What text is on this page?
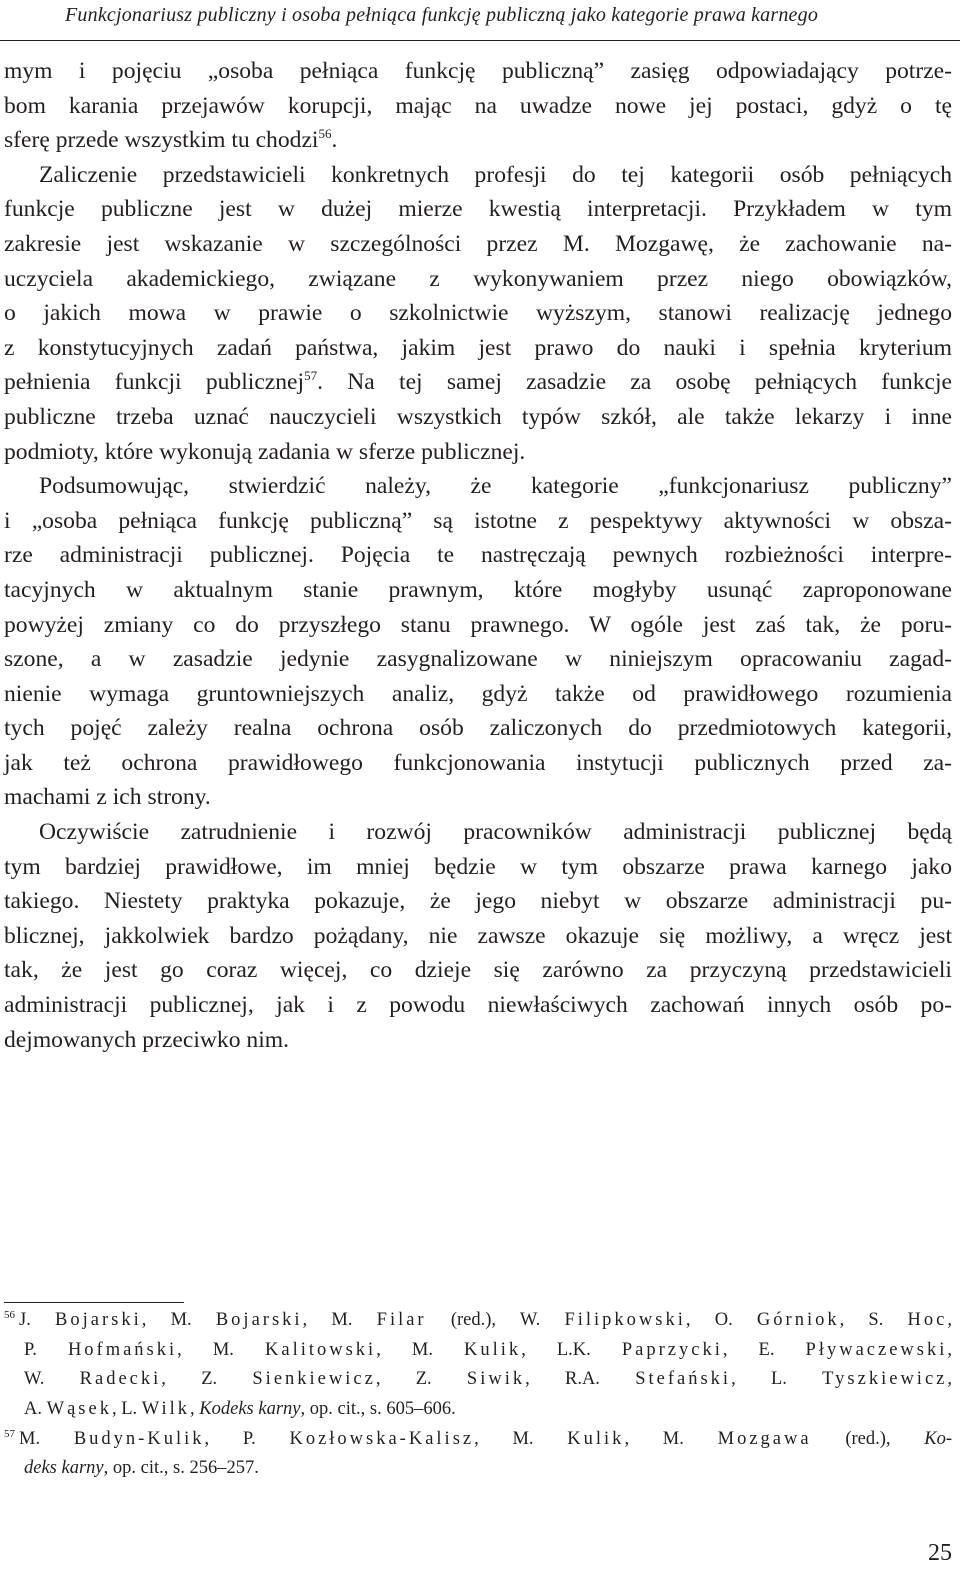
Funkcjonariusz publiczny i osoba pełniąca funkcję publiczną jako kategorie prawa karnego
mym i pojęciu „osoba pełniąca funkcję publiczną” zasięg odpowiadający potrze-
bom karania przejawów korupcji, mając na uwadze nowe jej postaci, gdyż o tę
sferę przede wszystkim tu chodzi$^{56}$.
Zaliczenie przedstawicieli konkretnych profesji do tej kategorii osób pełniących
funkcje publiczne jest w dużej mierze kwestią interpretacji. Przykładem w tym
zakresie jest wskazanie w szczególności przez M. Mozgawę, że zachowanie na-
uczyciela akademickiego, związane z wykonywaniem przez niego obowiązków,
o jakich mowa w prawie o szkolnictwie wyższym, stanowi realizację jednego
z konstytucyjnych zadań państwa, jakim jest prawo do nauki i spełnia kryterium
pełnienia funkcji publicznej$^{57}$. Na tej samej zasadzie za osobę pełniących funkcje
publiczne trzeba uznać nauczycieli wszystkich typów szkół, ale także lekarzy i inne
podmioty, które wykonują zadania w sferze publicznej.
Podsumowując, stwierdzić należy, że kategorie „funkcjonariusz publiczny”
i „osoba pełniąca funkcję publiczną” są istotne z pespektywy aktywności w obsza-
rze administracji publicznej. Pojęcia te nastręczają pewnych rozbieżności interpre-
tacyjnych w aktualnym stanie prawnym, które mogłyby usunąć zaproponowane
powyżej zmiany co do przyszłego stanu prawnego. W ogóle jest zaś tak, że poru-
szone, a w zasadzie jedynie zasygnalizowane w niniejszym opracowaniu zagad-
nienie wymaga gruntowniejszych analiz, gdyż także od prawidłowego rozumienia
tych pojęć zależy realna ochrona osób zaliczonych do przedmiotowych kategorii,
jak też ochrona prawidłowego funkcjonowania instytucji publicznych przed za-
machami z ich strony.
Oczywiście zatrudnienie i rozwój pracowników administracji publicznej będą
tym bardziej prawidłowe, im mniej będzie w tym obszarze prawa karnego jako
takiego. Niestety praktyka pokazuje, że jego niebyt w obszarze administracji pu-
blicznej, jakkolwiek bardzo pożądany, nie zawsze okazuje się możliwy, a wręcz jest
tak, że jest go coraz więcej, co dzieje się zarówno za przyczyną przedstawicieli
administracji publicznej, jak i z powodu niewłaściwych zachowań innych osób po-
dejmowanych przeciwko nim.
$^{56}$ J. Bojarski, M. Bojarski, M. Filar (red.), W. Filipkowski, O. Górniok, S. Hoc,
P. Hofmański, M. Kalitowski, M. Kulik, L.K. Paprzycki, E. Pływaczewski,
W. Radecki, Z. Sienkiewicz, Z. Siwik, R.A. Stefański, L. Tyszkiewicz,
A. Wąsek, L. Wilk, Kodeks karny, op. cit., s. 605–606.
$^{57}$ M. Budyn-Kulik, P. Kozłowska-Kalisz, M. Kulik, M. Mozgawa (red.), Ko-
deks karny, op. cit., s. 256–257.
25
